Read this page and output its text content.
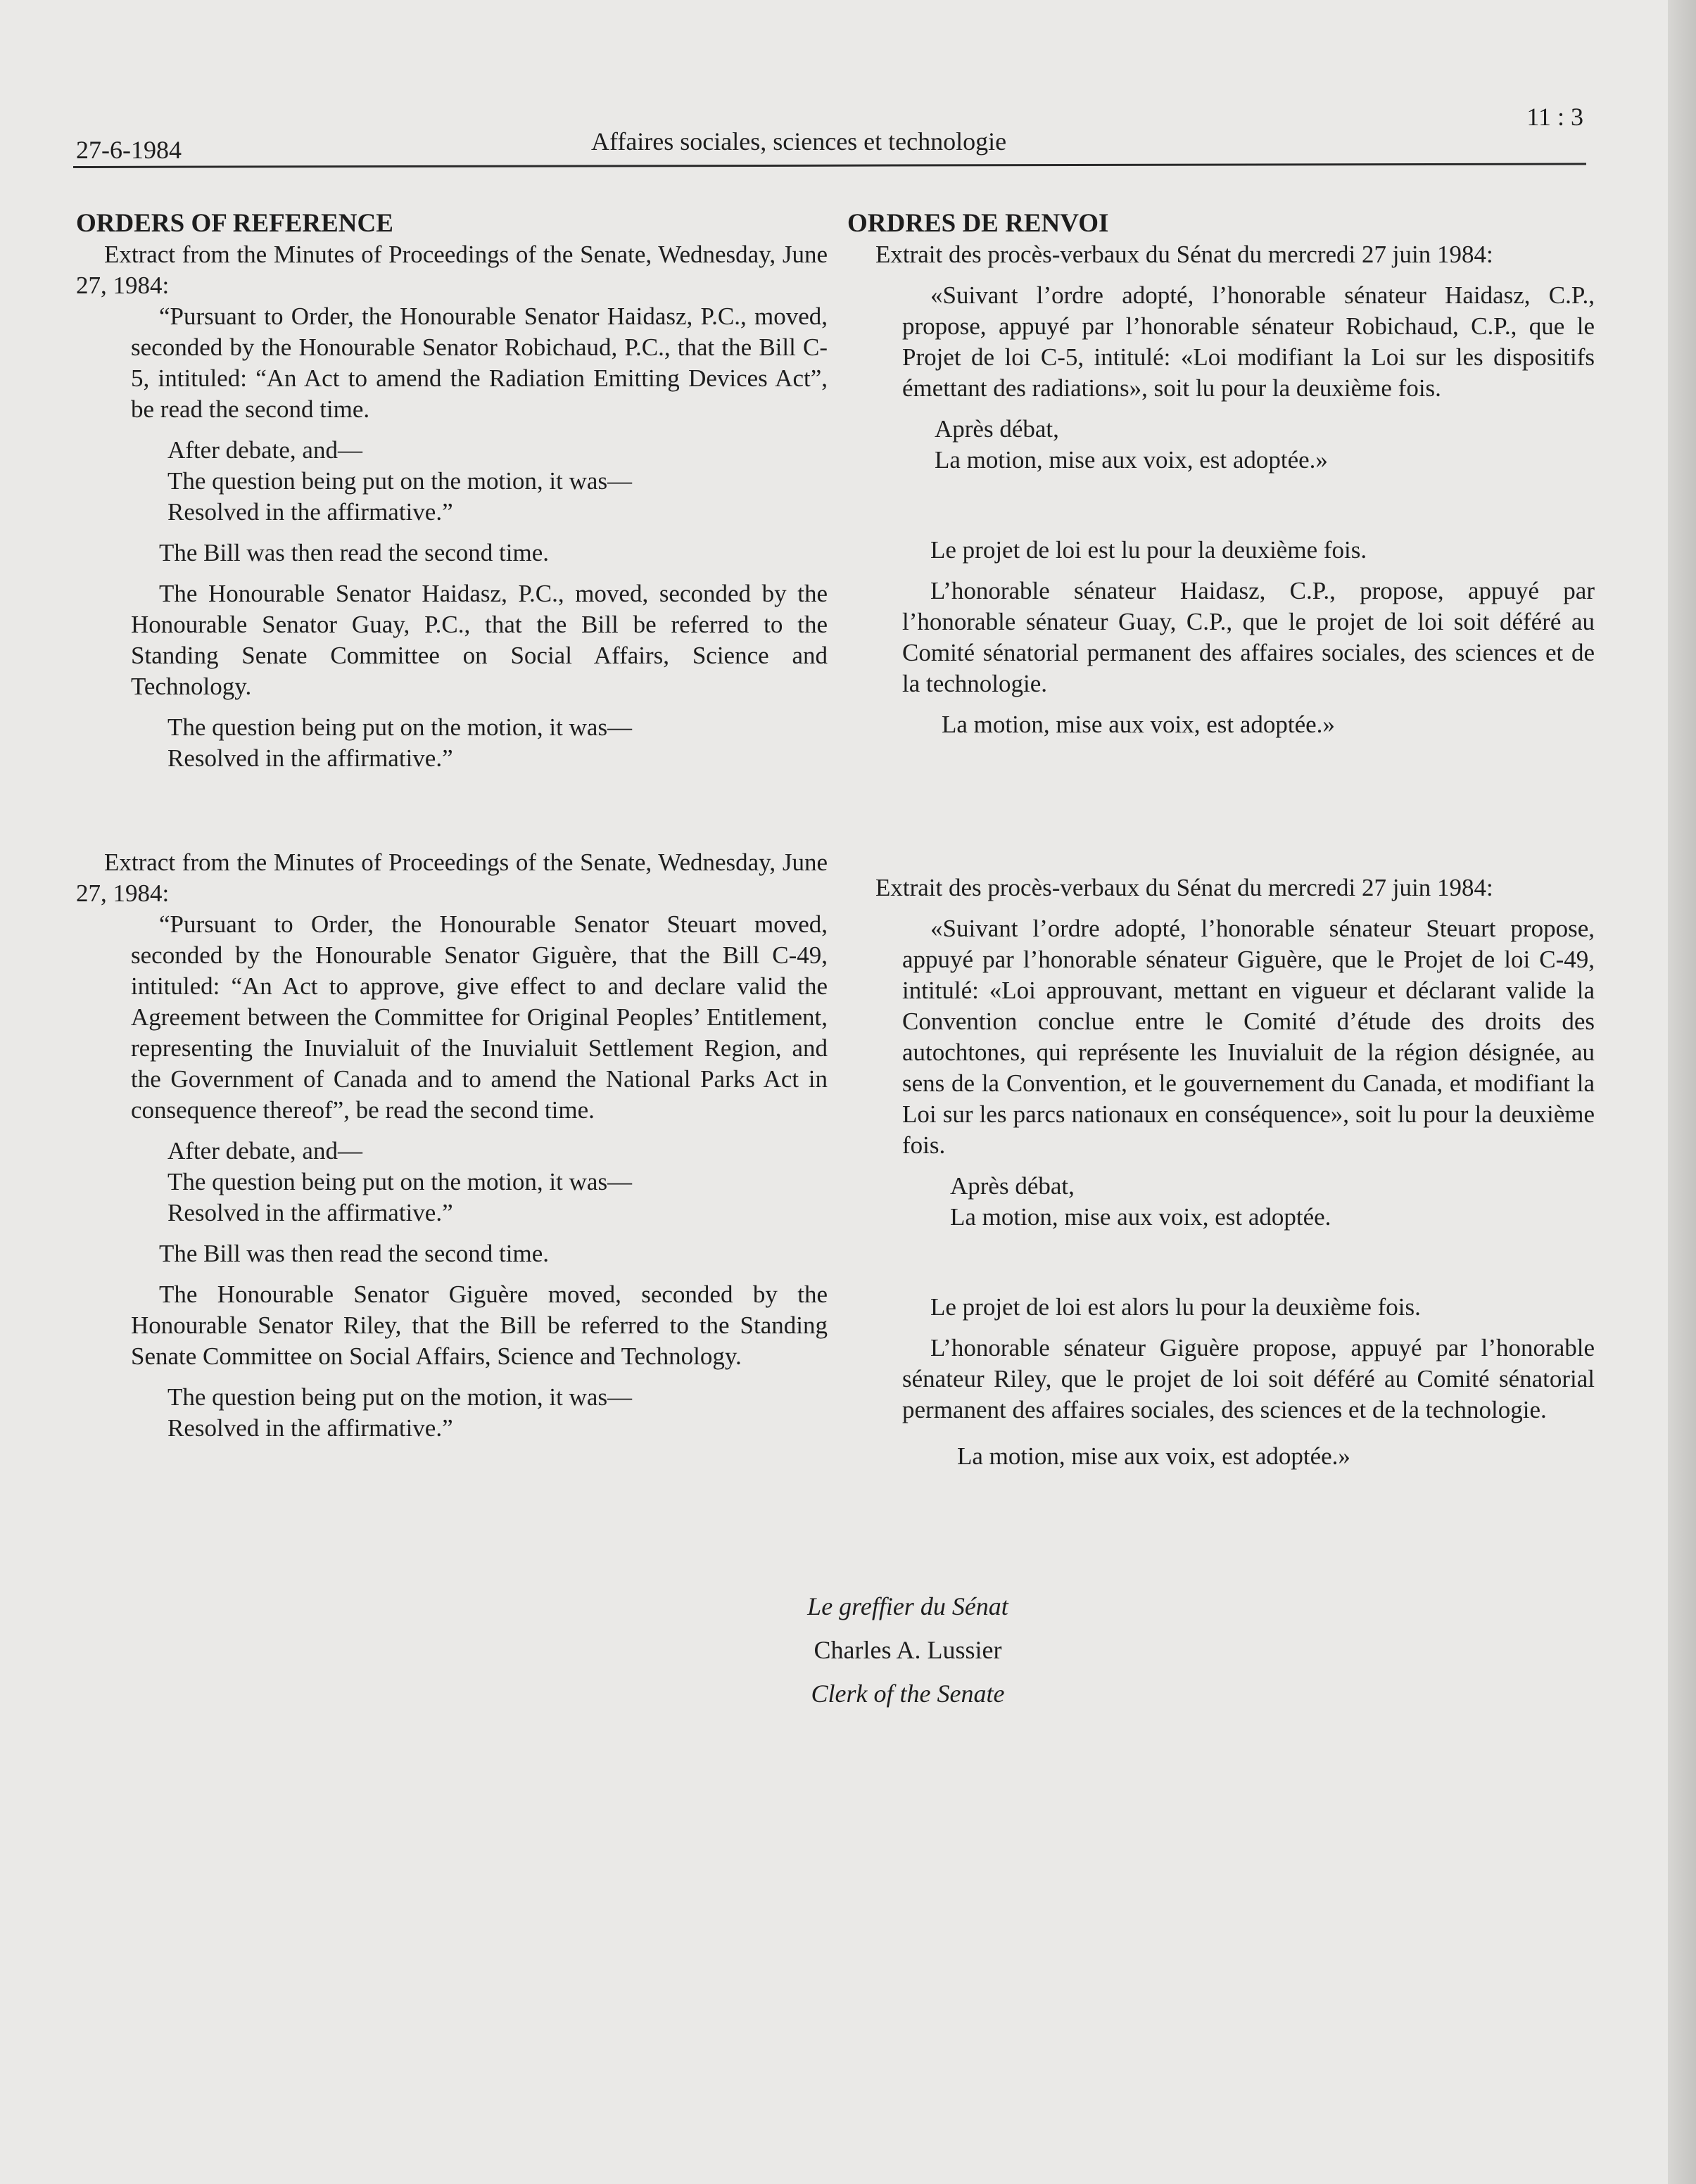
27-6-1984	Affaires sociales, sciences et technologie
11 : 3

ORDERS OF REFERENCE

Extract from the Minutes of Proceedings of the Senate, Wednesday, June 27, 1984:

“Pursuant to Order, the Honourable Senator Haidasz, P.C., moved, seconded by the Honourable Senator Robichaud, P.C., that the Bill C-5, intituled: “An Act to amend the Radiation Emitting Devices Act”, be read the second time.

After debate, and—

The question being put on the motion, it was—

Resolved in the affirmative.”

The Bill was then read the second time.

The Honourable Senator Haidasz, P.C., moved, seconded by the Honourable Senator Guay, P.C., that the Bill be referred to the Standing Senate Committee on Social Affairs, Science and Technology.

The question being put on the motion, it was—

Resolved in the affirmative.”

Extract from the Minutes of Proceedings of the Senate, Wednesday, June 27, 1984:

“Pursuant to Order, the Honourable Senator Steuart moved, seconded by the Honourable Senator Giguère, that the Bill C-49, intituled: “An Act to approve, give effect to and declare valid the Agreement between the Committee for Original Peoples’ Entitlement, representing the Inuvialuit of the Inuvialuit Settlement Region, and the Government of Canada and to amend the National Parks Act in consequence thereof”, be read the second time.

After debate, and—

The question being put on the motion, it was—

Resolved in the affirmative.”

The Bill was then read the second time.

The Honourable Senator Giguère moved, seconded by the Honourable Senator Riley, that the Bill be referred to the Standing Senate Committee on Social Affairs, Science and Technology.

The question being put on the motion, it was—

Resolved in the affirmative.”

ORDRES DE RENVOI

Extrait des procès-verbaux du Sénat du mercredi 27 juin 1984:

«Suivant l’ordre adopté, l’honorable sénateur Haidasz, C.P., propose, appuyé par l’honorable sénateur Robichaud, C.P., que le Projet de loi C-5, intitulé: «Loi modifiant la Loi sur les dispositifs émettant des radiations», soit lu pour la deuxième fois.

Après débat,

La motion, mise aux voix, est adoptée.»

Le projet de loi est lu pour la deuxième fois.

L’honorable sénateur Haidasz, C.P., propose, appuyé par l’honorable sénateur Guay, C.P., que le projet de loi soit déféré au Comité sénatorial permanent des affaires sociales, des sciences et de la technologie.

La motion, mise aux voix, est adoptée.»

Extrait des procès-verbaux du Sénat du mercredi 27 juin 1984:

«Suivant l’ordre adopté, l’honorable sénateur Steuart propose, appuyé par l’honorable sénateur Giguère, que le Projet de loi C-49, intitulé: «Loi approuvant, mettant en vigueur et déclarant valide la Convention conclue entre le Comité d’étude des droits des autochtones, qui représente les Inuvialuit de la région désignée, au sens de la Convention, et le gouvernement du Canada, et modifiant la Loi sur les parcs nationaux en conséquence», soit lu pour la deuxième fois.

Après débat,

La motion, mise aux voix, est adoptée.

Le projet de loi est alors lu pour la deuxième fois.

L’honorable sénateur Giguère propose, appuyé par l’honorable sénateur Riley, que le projet de loi soit déféré au Comité sénatorial permanent des affaires sociales, des sciences et de la technologie.

La motion, mise aux voix, est adoptée.»

Le greffier du Sénat

Charles A. Lussier

Clerk of the Senate
